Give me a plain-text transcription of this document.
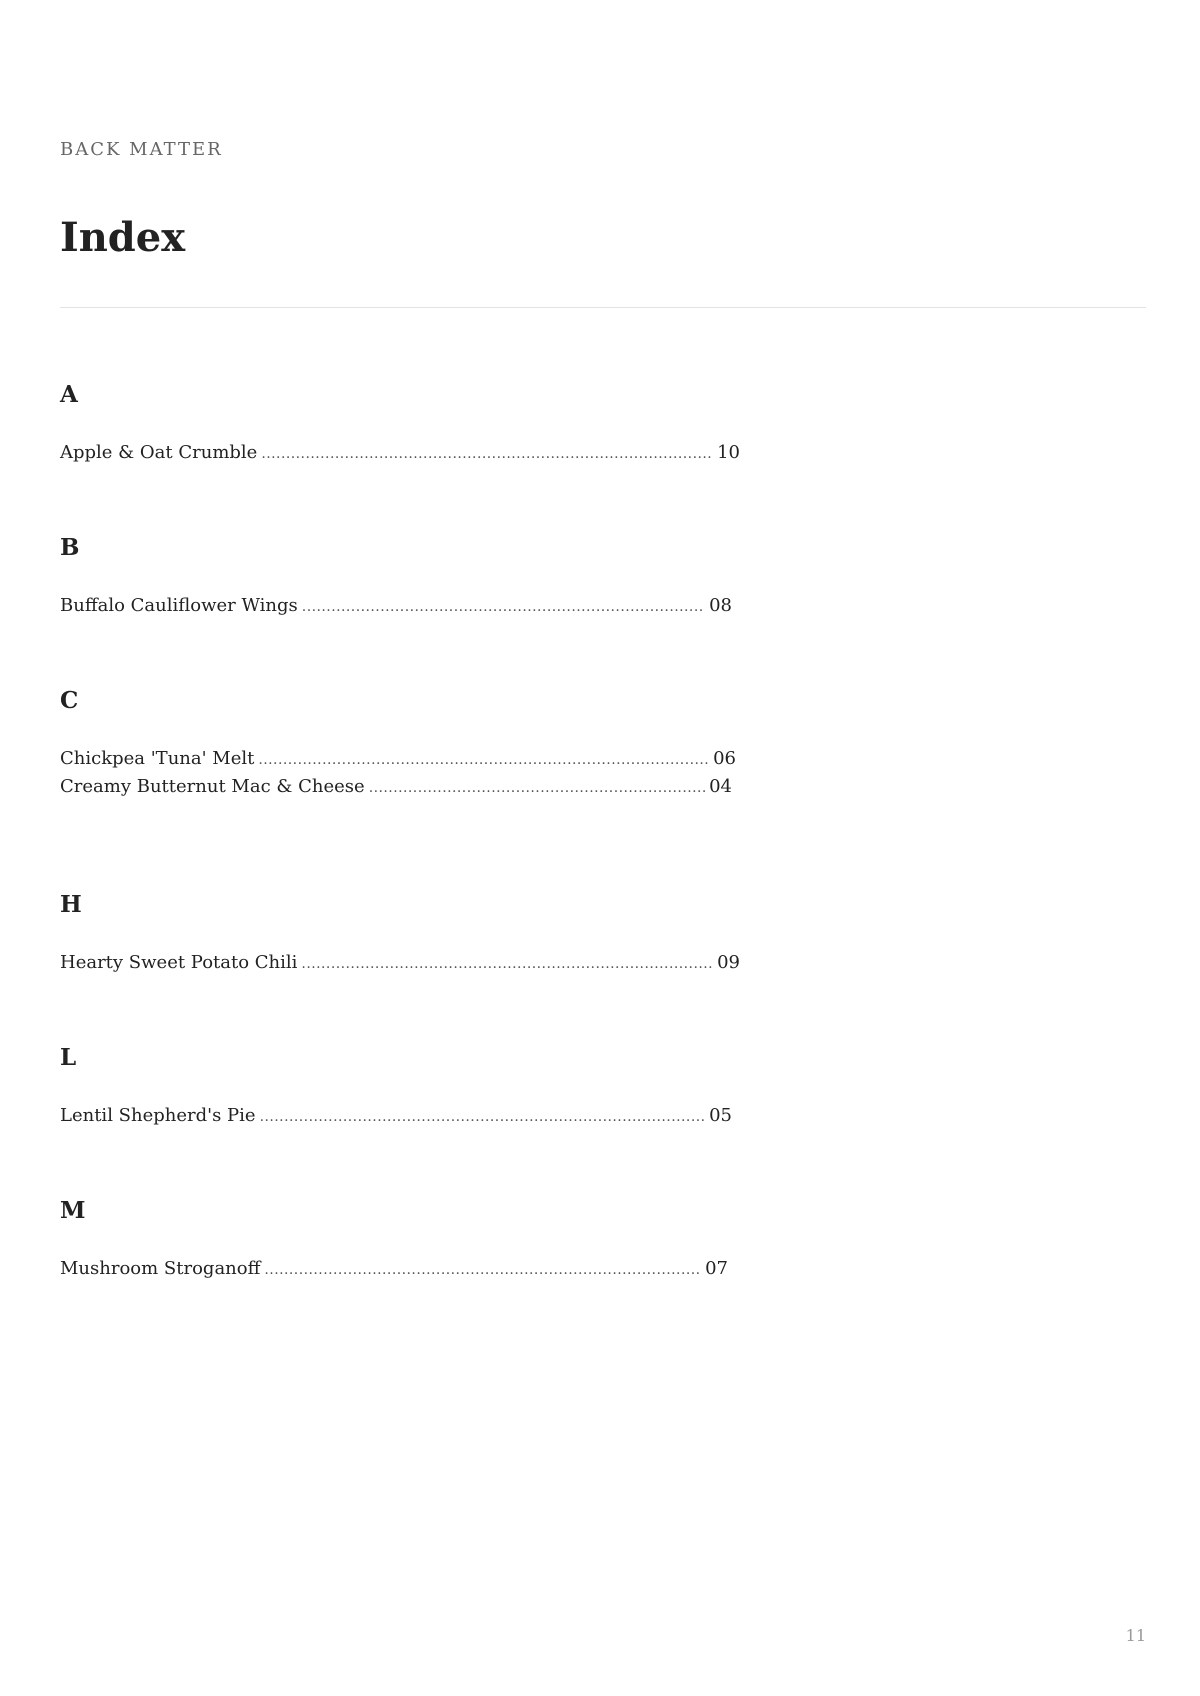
BACK MATTER
Index
A
Apple & Oat Crumble . . .	10
B
Buffalo Cauliflower Wings . . .	08
C
Chickpea 'Tuna' Melt . . .	06
Creamy Butternut Mac & Cheese . . .	04
H
Hearty Sweet Potato Chili . . .	09
L
Lentil Shepherd's Pie . . .	05
M
Mushroom Stroganoff . . .	07
11
